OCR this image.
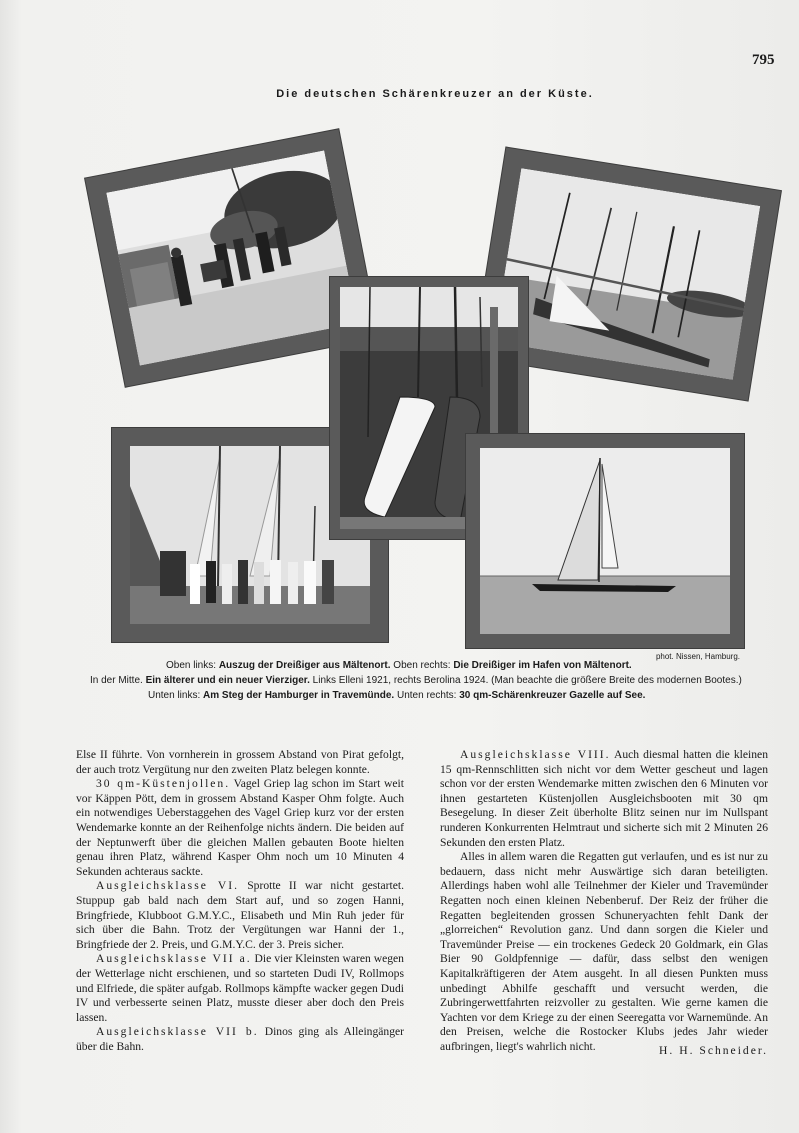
795
Die deutschen Schärenkreuzer an der Küste.
phot. Nissen, Hamburg.
Oben links: Auszug der Dreißiger aus Mältenort. Oben rechts: Die Dreißiger im Hafen von Mältenort.
In der Mitte. Ein älterer und ein neuer Vierziger. Links Elleni 1921, rechts Berolina 1924. (Man beachte die größere Breite des modernen Bootes.)
Unten links: Am Steg der Hamburger in Travemünde. Unten rechts: 30 qm-Schärenkreuzer Gazelle auf See.

Else II führte. Von vornherein in grossem Abstand von Pirat gefolgt, der auch trotz Vergütung nur den zweiten Platz belegen konnte.

30 qm-Küstenjollen. Vagel Griep lag schon im Start weit vor Käppen Pött, dem in grossem Abstand Kasper Ohm folgte. Auch ein notwendiges Ueberstaggehen des Vagel Griep kurz vor der ersten Wendemarke konnte an der Reihenfolge nichts ändern. Die beiden auf der Neptunwerft über die gleichen Mallen gebauten Boote hielten genau ihren Platz, während Kasper Ohm noch um 10 Minuten 4 Sekunden achteraus sackte.

Ausgleichsklasse VI. Sprotte II war nicht gestartet. Stuppup gab bald nach dem Start auf, und so zogen Hanni, Bringfriede, Klubboot G.M.Y.C., Elisabeth und Min Ruh jeder für sich über die Bahn. Trotz der Vergütungen war Hanni der 1., Bringfriede der 2. Preis, und G.M.Y.C. der 3. Preis sicher.

Ausgleichsklasse VII a. Die vier Kleinsten waren wegen der Wetterlage nicht erschienen, und so starteten Dudi IV, Rollmops und Elfriede, die später aufgab. Rollmops kämpfte wacker gegen Dudi IV und verbesserte seinen Platz, musste dieser aber doch den Preis lassen.

Ausgleichsklasse VII b. Dinos ging als Alleingänger über die Bahn.

Ausgleichsklasse VIII. Auch diesmal hatten die kleinen 15 qm-Rennschlitten sich nicht vor dem Wetter gescheut und lagen schon vor der ersten Wendemarke mitten zwischen den 6 Minuten vor ihnen gestarteten Küstenjollen Ausgleichsbooten mit 30 qm Besegelung. In dieser Zeit überholte Blitz seinen nur im Nullspant runderen Konkurrenten Helmtraut und sicherte sich mit 2 Minuten 26 Sekunden den ersten Platz.

Alles in allem waren die Regatten gut verlaufen, und es ist nur zu bedauern, dass nicht mehr Auswärtige sich daran beteiligten. Allerdings haben wohl alle Teilnehmer der Kieler und Travemünder Regatten noch einen kleinen Nebenberuf. Der Reiz der früher die Regatten begleitenden grossen Schuneryachten fehlt Dank der „glorreichen“ Revolution ganz. Und dann sorgen die Kieler und Travemünder Preise — ein trockenes Gedeck 20 Goldmark, ein Glas Bier 90 Goldpfennige — dafür, dass selbst den wenigen Kapitalkräftigeren der Atem ausgeht. In all diesen Punkten muss unbedingt Abhilfe geschafft und versucht werden, die Zubringerwettfahrten reizvoller zu gestalten. Wie gerne kamen die Yachten vor dem Kriege zu der einen Seeregatta vor Warnemünde. An den Preisen, welche die Rostocker Klubs jedes Jahr wieder aufbringen, liegt's wahrlich nicht.	H. H. Schneider.
